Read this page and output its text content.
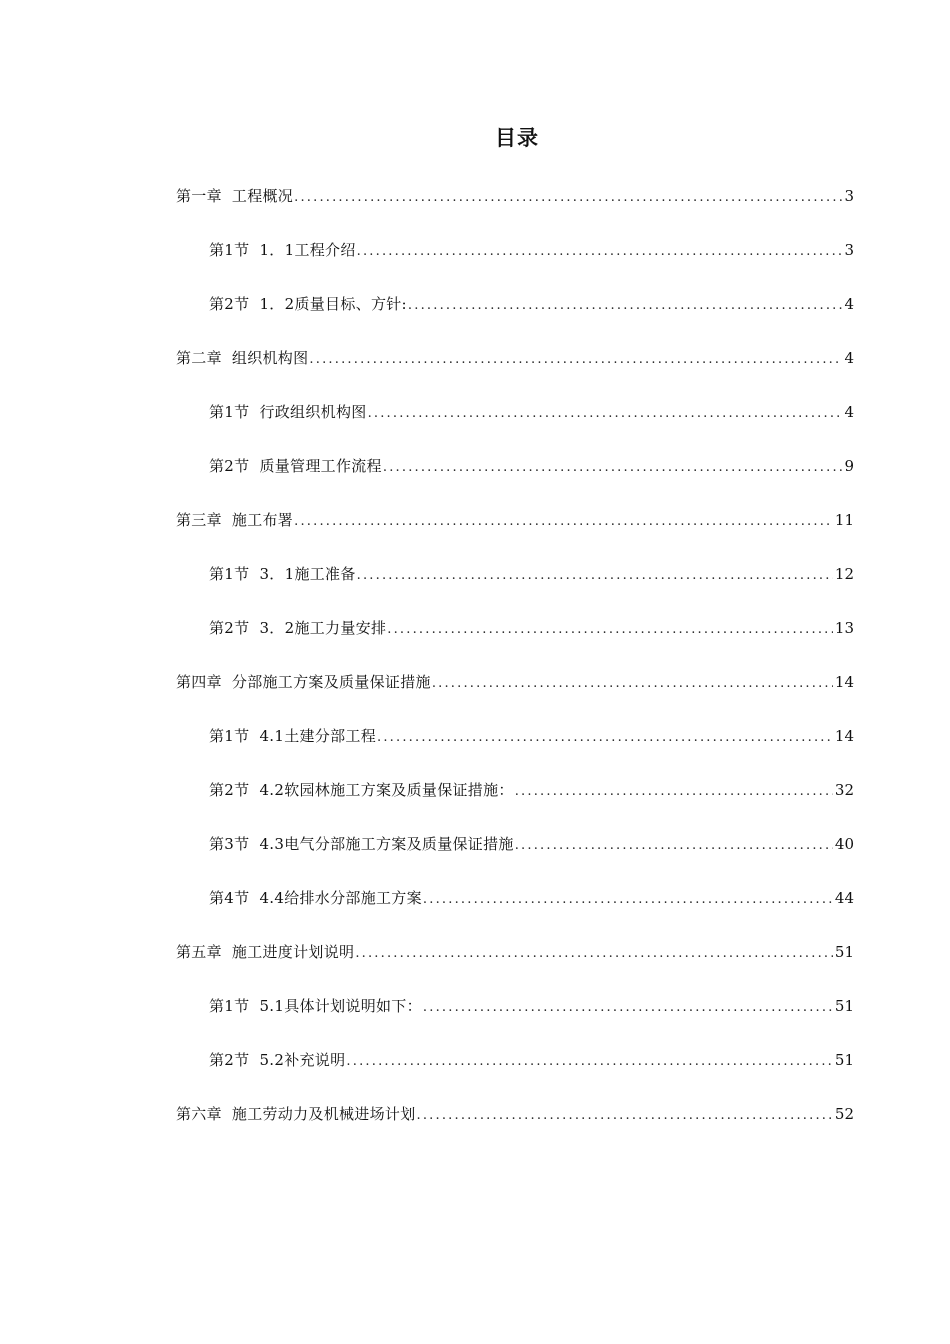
目录
第一章 工程概况 .....	3
第1节 1．1工程介绍 .....	3
第2节 1．2质量目标、方针: .....	4
第二章 组织机构图 .....	4
第1节 行政组织机构图 .....	4
第2节 质量管理工作流程 .....	9
第三章 施工布署 .....	11
第1节 3．1施工准备 .....	12
第2节 3．2施工力量安排 .....	13
第四章 分部施工方案及质量保证措施 .....	14
第1节 4.1土建分部工程 .....	14
第2节 4.2软园林施工方案及质量保证措施： .....	32
第3节 4.3电气分部施工方案及质量保证措施 .....	40
第4节 4.4给排水分部施工方案 .....	44
第五章 施工进度计划说明 .....	51
第1节 5.1具体计划说明如下： .....	51
第2节 5.2补充说明 .....	51
第六章 施工劳动力及机械进场计划 .....	52
